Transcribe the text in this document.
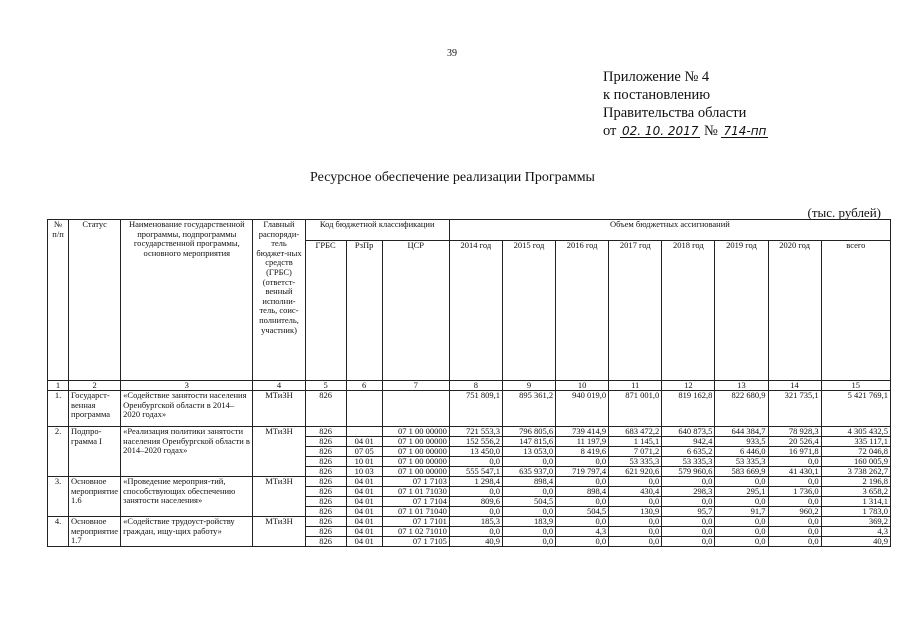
39
Приложение № 4
к постановлению
Правительства области
от 02. 10. 2017 № 714-пп
Ресурсное обеспечение реализации Программы
(тыс. рублей)
№ п/п	Статус	Наименование государственной программы, подпрограммы государственной программы, основного мероприятия	Главный распоряди-тель бюджет-ных средств (ГРБС) (ответст-венный исполни-тель, соис-полнитель, участник)	Код бюджетной классификации			Объем бюджетных ассигнований							
				ГРБС	РзПр	ЦСР	2014 год	2015 год	2016 год	2017 год	2018 год	2019 год	2020 год	всего
1	2	3	4	5	6	7	8	9	10	11	12	13	14	15
1.	Государст-венная программа	«Содействие занятости населения Оренбургской области в 2014–2020 годах»	МТиЗН	826			751 809,1	895 361,2	940 019,0	871 001,0	819 162,8	822 680,9	321 735,1	5 421 769,1
2.	Подпро-грамма I	«Реализация политики занятости населения Оренбургской области в 2014–2020 годах»	МТиЗН	826		07 1 00 00000	721 553,3	796 805,6	739 414,9	683 472,2	640 873,5	644 384,7	78 928,3	4 305 432,5
				826	04 01	07 1 00 00000	152 556,2	147 815,6	11 197,9	1 145,1	942,4	933,5	20 526,4	335 117,1
				826	07 05	07 1 00 00000	13 450,0	13 053,0	8 419,6	7 071,2	6 635,2	6 446,0	16 971,8	72 046,8
				826	10 01	07 1 00 00000	0,0	0,0	0,0	53 335,3	53 335,3	53 335,3	0,0	160 005,9
				826	10 03	07 1 00 00000	555 547,1	635 937,0	719 797,4	621 920,6	579 960,6	583 669,9	41 430,1	3 738 262,7
3.	Основное мероприятие 1.6	«Проведение мероприя-тий, способствующих обеспечению занятости населения»	МТиЗН	826	04 01	07 1 7103	1 298,4	898,4	0,0	0,0	0,0	0,0	0,0	2 196,8
				826	04 01	07 1 01 71030	0,0	0,0	898,4	430,4	298,3	295,1	1 736,0	3 658,2
				826	04 01	07 1 7104	809,6	504,5	0,0	0,0	0,0	0,0	0,0	1 314,1
				826	04 01	07 1 01 71040	0,0	0,0	504,5	130,9	95,7	91,7	960,2	1 783,0
4.	Основное мероприятие 1.7	«Содействие трудоуст-ройству граждан, ищу-щих работу»	МТиЗН	826	04 01	07 1 7101	185,3	183,9	0,0	0,0	0,0	0,0	0,0	369,2
				826	04 01	07 1 02 71010	0,0	0,0	4,3	0,0	0,0	0,0	0,0	4,3
				826	04 01	07 1 7105	40,9	0,0	0,0	0,0	0,0	0,0	0,0	40,9
